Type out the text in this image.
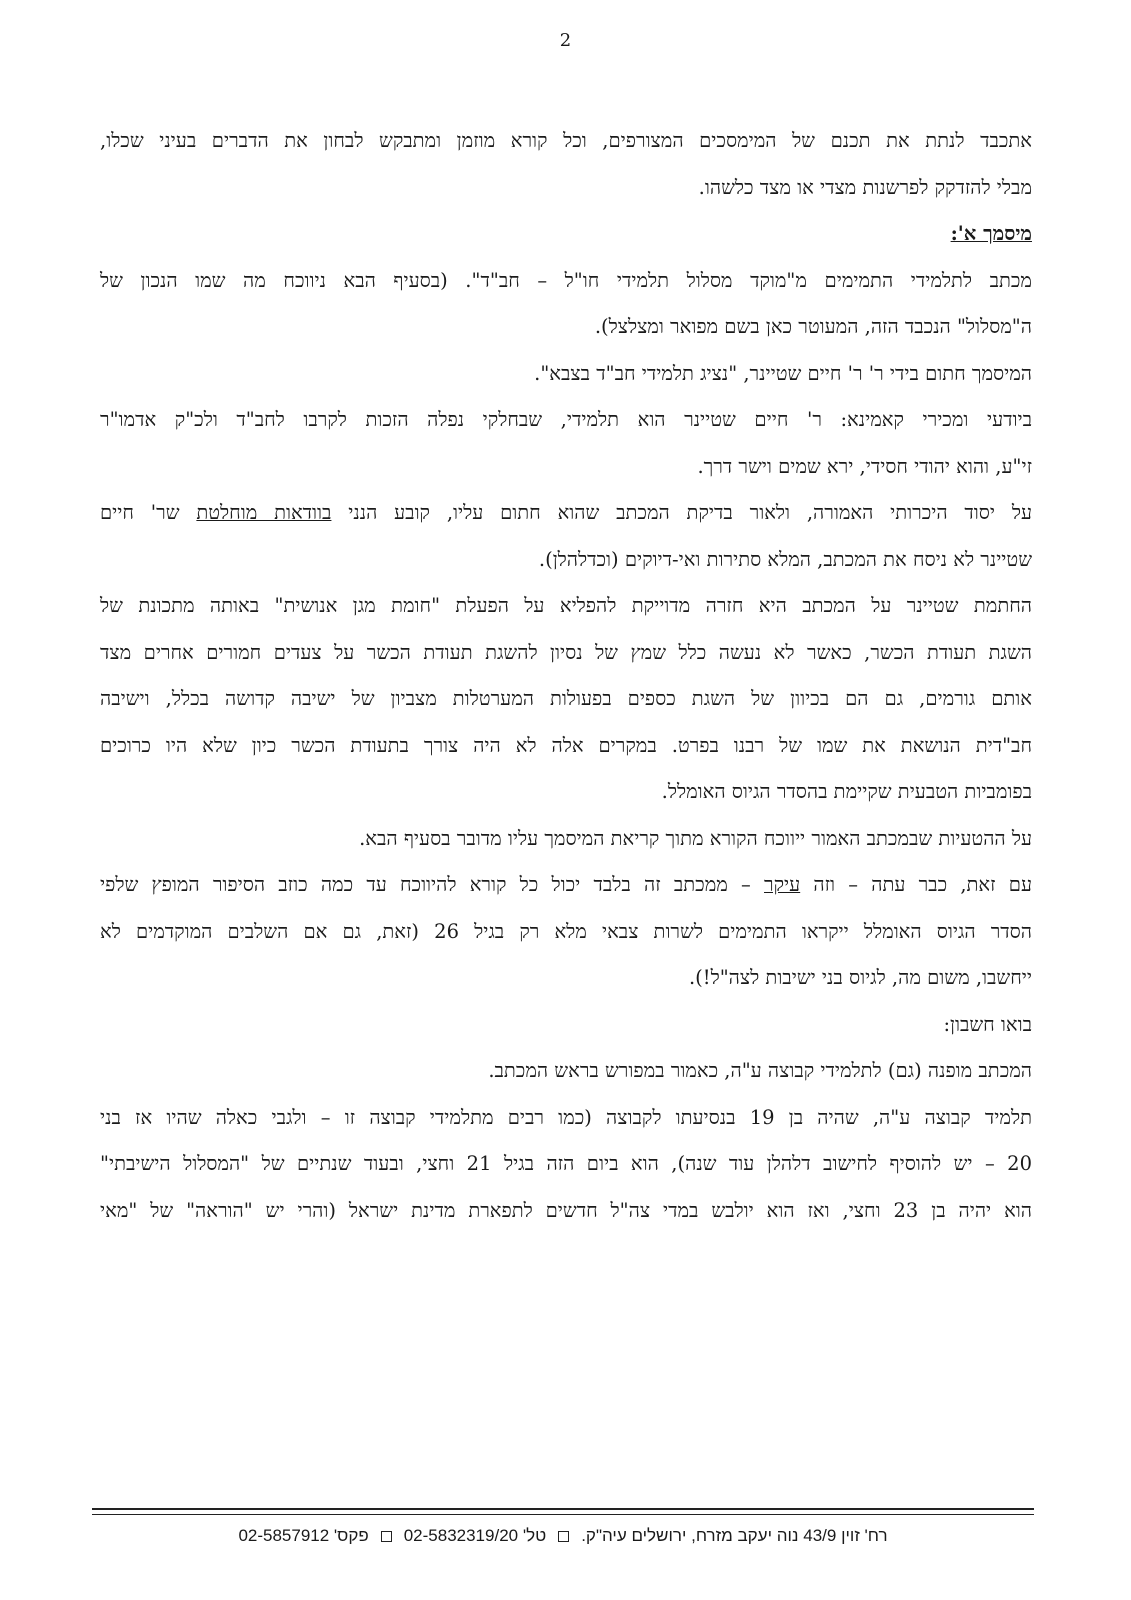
2
אתכבד לנתת את תכנם של המימסכים המצורפים, וכל קורא מוזמן ומתבקש לבחון את הדברים בעיני שכלו,
מבלי להזדקק לפרשנות מצדי או מצד כלשהו.
מיסמך א':
מכתב לתלמידי התמימים מ"מוקד מסלול תלמידי חו"ל – חב"ד". (בסעיף הבא ניווכח מה שמו הנכון של
ה"מסלול" הנכבד הזה, המעוטר כאן בשם מפואר ומצלצל).
המיסמך חתום בידי ר' ר' חיים שטיינר, "נציג תלמידי חב"ד בצבא".
ביודעי ומכירי קאמינא: ר' חיים שטיינר הוא תלמידי, שבחלקי נפלה הזכות לקרבו לחב"ד ולכ"ק אדמו"ר
זי"ע, והוא יהודי חסידי, ירא שמים וישר דרך.
על יסוד היכרותי האמורה, ולאור בדיקת המכתב שהוא חתום עליו, קובע הנני בוודאות מוחלטת שר' חיים
שטיינר לא ניסח את המכתב, המלא סתירות ואי-דיוקים (וכדלהלן).
החתמת שטיינר על המכתב היא חזרה מדוייקת להפליא על הפעלת "חומת מגן אנושית" באותה מתכונת של
השגת תעודת הכשר, כאשר לא נעשה כלל שמץ של נסיון להשגת תעודת הכשר על צעדים חמורים אחרים מצד
אותם גורמים, גם הם בכיוון של השגת כספים בפעולות המערטלות מצביון של ישיבה קדושה בכלל, וישיבה
חב"דית הנושאת את שמו של רבנו בפרט. במקרים אלה לא היה צורך בתעודת הכשר כיון שלא היו כרוכים
בפומביות הטבעית שקיימת בהסדר הגיוס האומלל.
על ההטעיות שבמכתב האמור ייווכח הקורא מתוך קריאת המיסמך עליו מדובר בסעיף הבא.
עם זאת, כבר עתה – וזה עיקר – ממכתב זה בלבד יכול כל קורא להיווכח עד כמה כוזב הסיפור המופץ שלפי
הסדר הגיוס האומלל ייקראו התמימים לשרות צבאי מלא רק בגיל 26 (זאת, גם אם השלבים המוקדמים לא
ייחשבו, משום מה, לגיוס בני ישיבות לצה"ל!).
בואו חשבון:
המכתב מופנה (גם) לתלמידי קבוצה ע"ה, כאמור במפורש בראש המכתב.
תלמיד קבוצה ע"ה, שהיה בן 19 בנסיעתו לקבוצה (כמו רבים מתלמידי קבוצה זו – ולגבי כאלה שהיו אז בני
20 – יש להוסיף לחישוב דלהלן עוד שנה), הוא ביום הזה בגיל 21 וחצי, ובעוד שנתיים של "המסלול הישיבתי"
הוא יהיה בן 23 וחצי, ואז הוא יולבש במדי צה"ל חדשים לתפארת מדינת ישראל (והרי יש "הוראה" של "מאי
רח' זוין 43/9 נוה יעקב מזרח, ירושלים עיה"ק.טל' 02-5832319/20פקס' 02-5857912
